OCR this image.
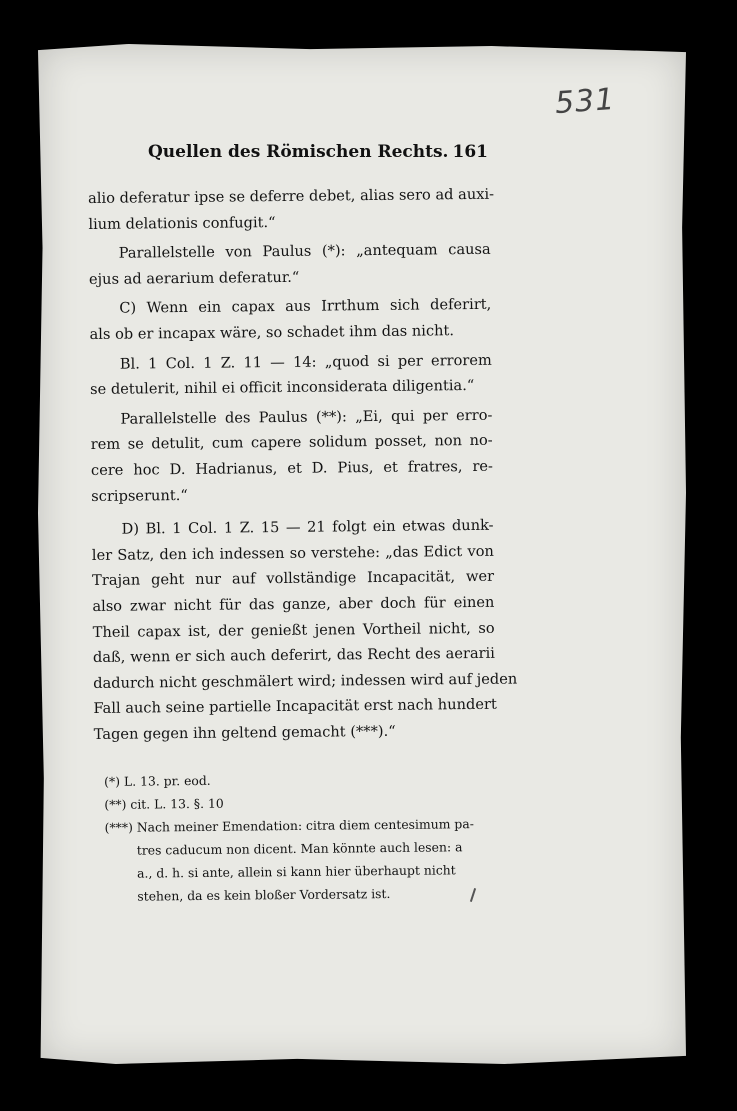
531
Quellen des Römischen Rechts. 161
alio deferatur ipse se deferre debet, alias sero ad auxi-
lium delationis confugit.“
Parallelstelle von Paulus (*): „antequam causa
ejus ad aerarium deferatur.“
C) Wenn ein capax aus Irrthum sich deferirt,
als ob er incapax wäre, so schadet ihm das nicht.
Bl. 1 Col. 1 Z. 11 — 14: „quod si per errorem
se detulerit, nihil ei officit inconsiderata diligentia.“
Parallelstelle des Paulus (**): „Ei, qui per erro-
rem se detulit, cum capere solidum posset, non no-
cere hoc D. Hadrianus, et D. Pius, et fratres, re-
scripserunt.“
D) Bl. 1 Col. 1 Z. 15 — 21 folgt ein etwas dunk-
ler Satz, den ich indessen so verstehe: „das Edict von
Trajan geht nur auf vollständige Incapacität, wer
also zwar nicht für das ganze, aber doch für einen
Theil capax ist, der genießt jenen Vortheil nicht, so
daß, wenn er sich auch deferirt, das Recht des aerarii
dadurch nicht geschmälert wird; indessen wird auf jeden
Fall auch seine partielle Incapacität erst nach hundert
Tagen gegen ihn geltend gemacht (***).“
(*) L. 13. pr. eod.
(**) cit. L. 13. §. 10
(***) Nach meiner Emendation: citra diem centesimum pa-
tres caducum non dicent. Man könnte auch lesen: a
a., d. h. si ante, allein si kann hier überhaupt nicht
stehen, da es kein bloßer Vordersatz ist.
